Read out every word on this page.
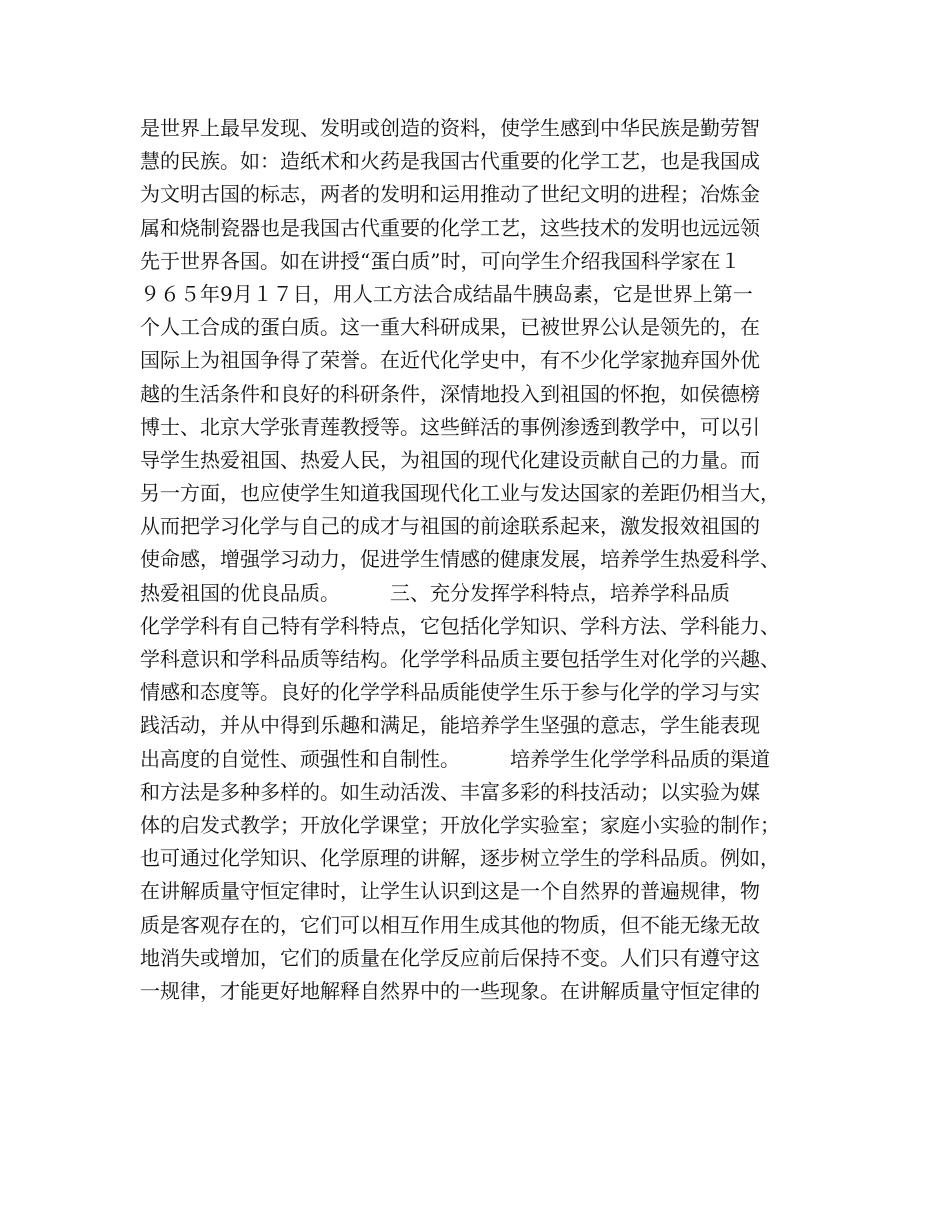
是世界上最早发现、发明或创造的资料，使学生感到中华民族是勤劳智
慧的民族。如：造纸术和火药是我国古代重要的化学工艺，也是我国成
为文明古国的标志，两者的发明和运用推动了世纪文明的进程；冶炼金
属和烧制瓷器也是我国古代重要的化学工艺，这些技术的发明也远远领
先于世界各国。如在讲授“蛋白质”时，可向学生介绍我国科学家在１
９６５年9月１７日，用人工方法合成结晶牛胰岛素，它是世界上第一
个人工合成的蛋白质。这一重大科研成果，已被世界公认是领先的，在
国际上为祖国争得了荣誉。在近代化学史中，有不少化学家抛弃国外优
越的生活条件和良好的科研条件，深情地投入到祖国的怀抱，如侯德榜
博士、北京大学张青莲教授等。这些鲜活的事例渗透到教学中，可以引
导学生热爱祖国、热爱人民，为祖国的现代化建设贡献自己的力量。而
另一方面，也应使学生知道我国现代化工业与发达国家的差距仍相当大，
从而把学习化学与自己的成才与祖国的前途联系起来，激发报效祖国的
使命感，增强学习动力，促进学生情感的健康发展，培养学生热爱科学、
热爱祖国的优良品质。　　　三、充分发挥学科特点，培养学科品质　　
化学学科有自己特有学科特点，它包括化学知识、学科方法、学科能力、
学科意识和学科品质等结构。化学学科品质主要包括学生对化学的兴趣、
情感和态度等。良好的化学学科品质能使学生乐于参与化学的学习与实
践活动，并从中得到乐趣和满足，能培养学生坚强的意志，学生能表现
出高度的自觉性、顽强性和自制性。　　　培养学生化学学科品质的渠道
和方法是多种多样的。如生动活泼、丰富多彩的科技活动；以实验为媒
体的启发式教学；开放化学课堂；开放化学实验室；家庭小实验的制作；
也可通过化学知识、化学原理的讲解，逐步树立学生的学科品质。例如，
在讲解质量守恒定律时，让学生认识到这是一个自然界的普遍规律，物
质是客观存在的，它们可以相互作用生成其他的物质，但不能无缘无故
地消失或增加，它们的质量在化学反应前后保持不变。人们只有遵守这
一规律，才能更好地解释自然界中的一些现象。在讲解质量守恒定律的
